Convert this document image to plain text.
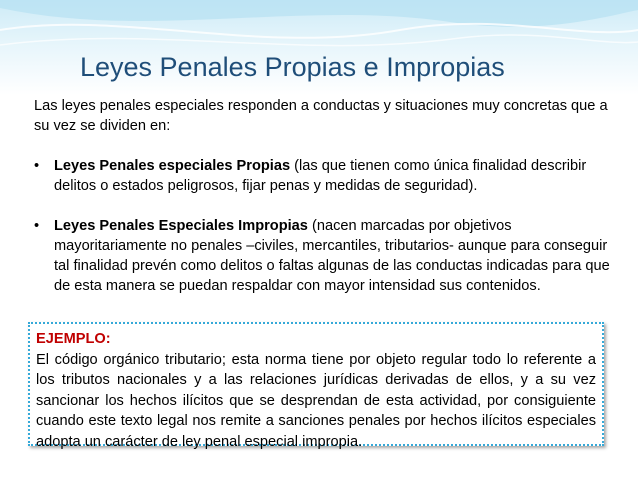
Leyes Penales Propias e Impropias

Las leyes penales especiales responden a conductas y situaciones muy concretas que a su vez se dividen en:

• Leyes Penales especiales Propias (las que tienen como única finalidad describir delitos o estados peligrosos, fijar penas y medidas de seguridad).
• Leyes Penales Especiales Impropias (nacen marcadas por objetivos mayoritariamente no penales –civiles, mercantiles, tributarios- aunque para conseguir tal finalidad prevén como delitos o faltas algunas de las conductas indicadas para que de esta manera se puedan respaldar con mayor intensidad sus contenidos.

EJEMPLO:

El código orgánico tributario; esta norma tiene por objeto regular todo lo referente a los tributos nacionales y a las relaciones jurídicas derivadas de ellos, y a su vez sancionar los hechos ilícitos que se desprendan de esta actividad, por consiguiente cuando este texto legal nos remite a sanciones penales por hechos ilícitos especiales adopta un carácter de ley penal especial impropia.
